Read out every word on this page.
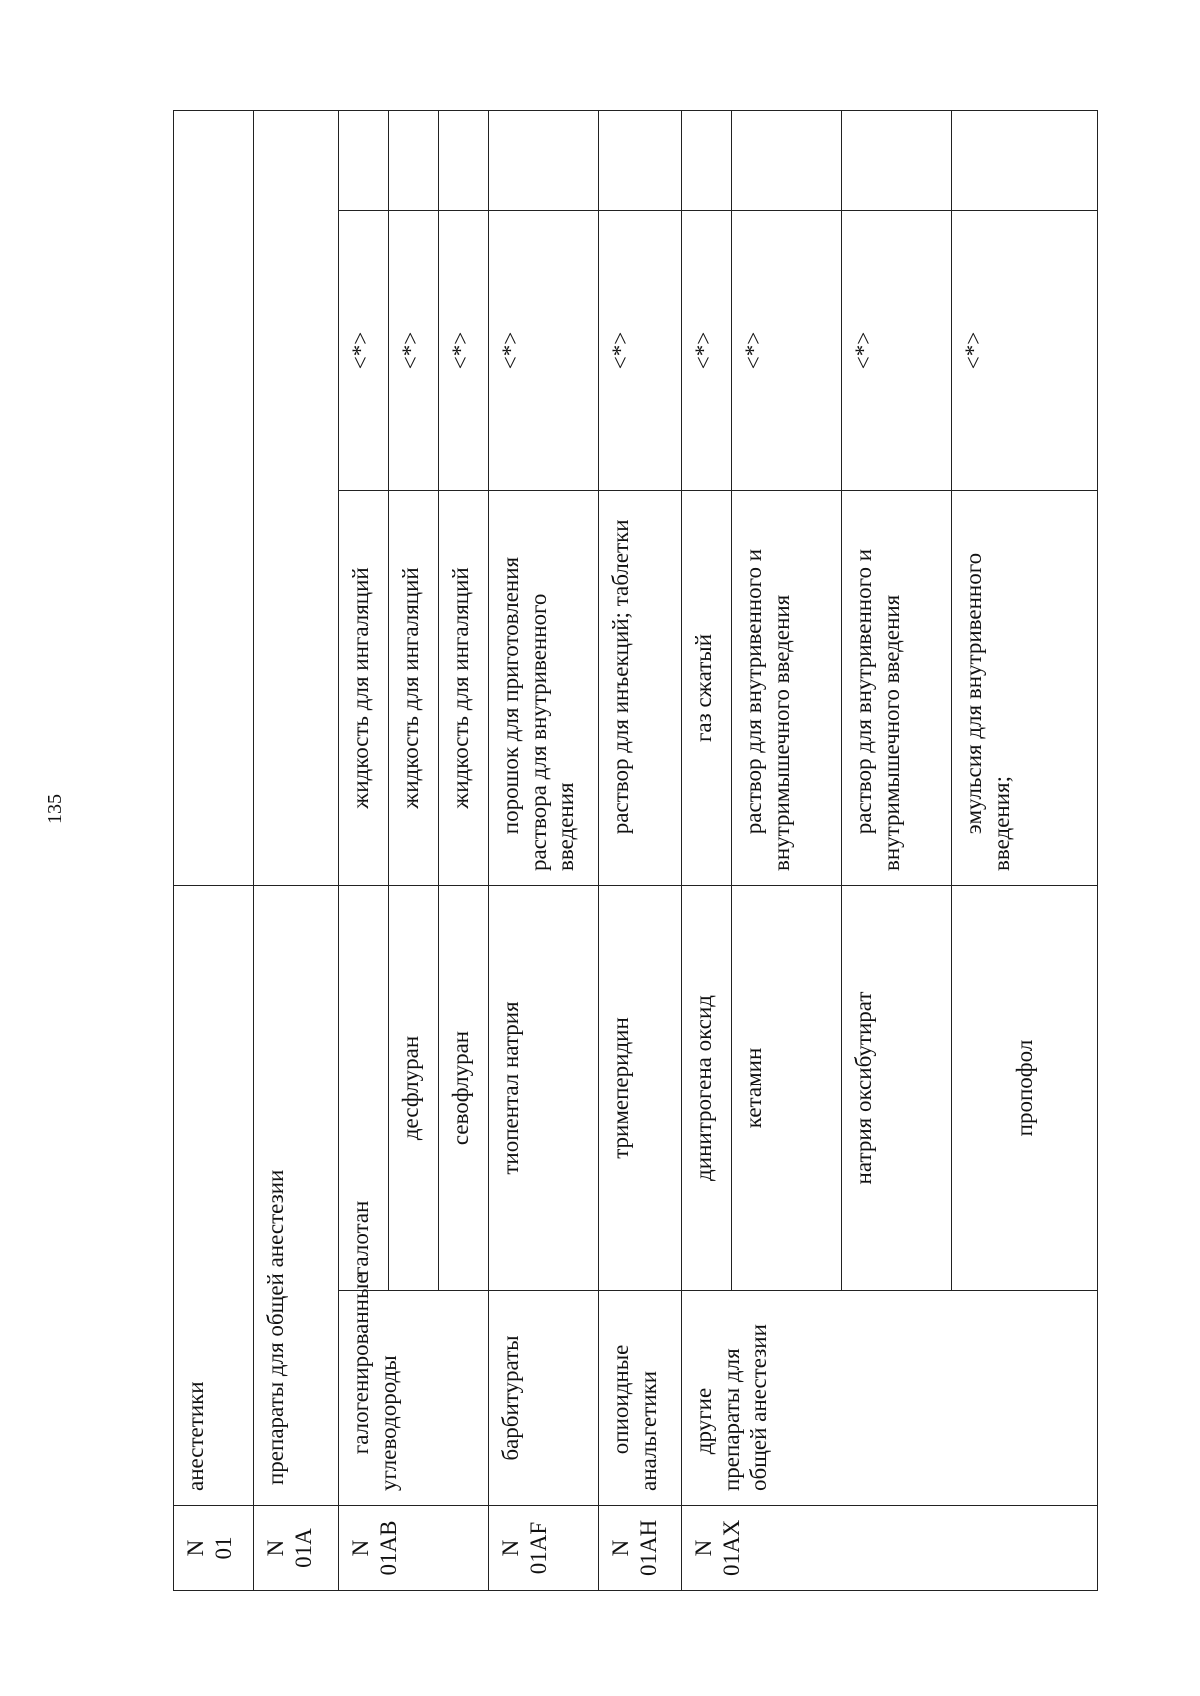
135
N
01	анестетики				
N
01A	препараты для общей анестезии				
N
01AB	галогенированные углеводороды	галотан	жидкость для ингаляций	<*>	
		десфлуран	жидкость для ингаляций	<*>	
		севофлуран	жидкость для ингаляций	<*>	
N
01AF	барбитураты	тиопентал натрия	порошок для приготовления раствора для внутривенного введения	<*>	
N
01AH	опиоидные анальгетики	тримеперидин	раствор для инъекций; таблетки	<*>	
N
01AX	другие препараты для общей анестезии	динитрогена оксид	газ сжатый	<*>	
		кетамин	раствор для внутривенного и внутримышечного введения	<*>	
		натрия оксибутират	раствор для внутривенного и внутримышечного введения	<*>	
		пропофол	эмульсия для внутривенного введения;	<*>	
